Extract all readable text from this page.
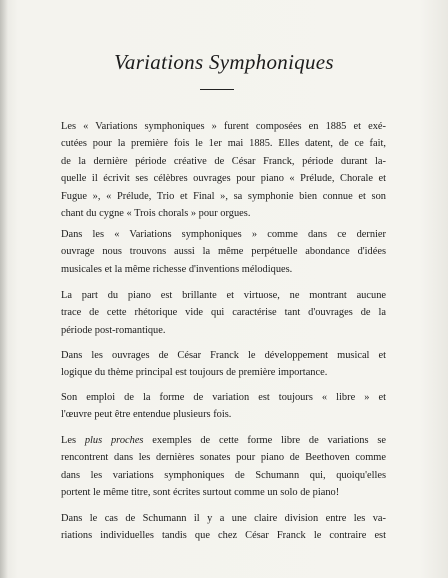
Variations Symphoniques
Les « Variations symphoniques » furent composées en 1885 et exé-
cutées pour la première fois le 1er mai 1885. Elles datent, de ce fait,
de la dernière période créative de César Franck, période durant la-
quelle il écrivit ses célèbres ouvrages pour piano « Prélude, Chorale et
Fugue », « Prélude, Trio et Final », sa symphonie bien connue et son
chant du cygne « Trois chorals » pour orgues.
Dans les « Variations symphoniques » comme dans ce dernier
ouvrage nous trouvons aussi la même perpétuelle abondance d'idées
musicales et la même richesse d'inventions mélodiques.
La part du piano est brillante et virtuose, ne montrant aucune
trace de cette rhétorique vide qui caractérise tant d'ouvrages de la
période post-romantique.
Dans les ouvrages de César Franck le développement musical et
logique du thème principal est toujours de première importance.
Son emploi de la forme de variation est toujours « libre » et
l'œuvre peut être entendue plusieurs fois.
Les plus proches exemples de cette forme libre de variations se
rencontrent dans les dernières sonates pour piano de Beethoven comme
dans les variations symphoniques de Schumann qui, quoiqu'elles
portent le même titre, sont écrites surtout comme un solo de piano!
Dans le cas de Schumann il y a une claire division entre les va-
riations individuelles tandis que chez César Franck le contraire est
